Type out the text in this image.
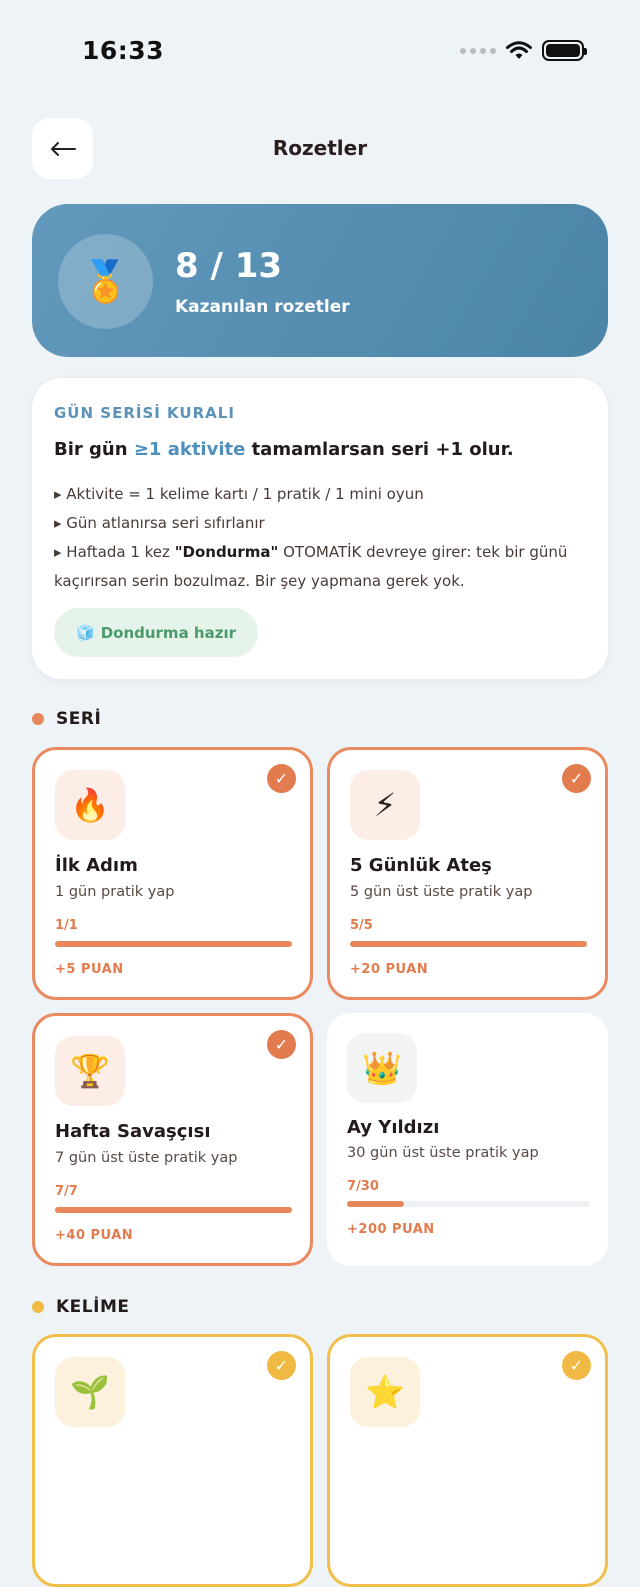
16:33
Rozetler
🏅	8 / 13
Kazanılan rozetler
GÜN SERİSİ KURALI
Bir gün ≥1 aktivite tamamlarsan seri +1 olur.
▸ Aktivite = 1 kelime kartı / 1 pratik / 1 mini oyun
▸ Gün atlanırsa seri sıfırlanır
▸ Haftada 1 kez "Dondurma" OTOMATİK devreye girer: tek bir günü kaçırırsan serin bozulmaz. Bir şey yapmana gerek yok.
🧊 Dondurma hazır
SERİ
🔥
✓
İlk Adım
1 gün pratik yap
1/1
+5 PUAN
⚡
✓
5 Günlük Ateş
5 gün üst üste pratik yap
5/5
+20 PUAN
🏆
✓
Hafta Savaşçısı
7 gün üst üste pratik yap
7/7
+40 PUAN
👑
Ay Yıldızı
30 gün üst üste pratik yap
7/30
+200 PUAN
KELİME
🌱
✓
⭐
✓
